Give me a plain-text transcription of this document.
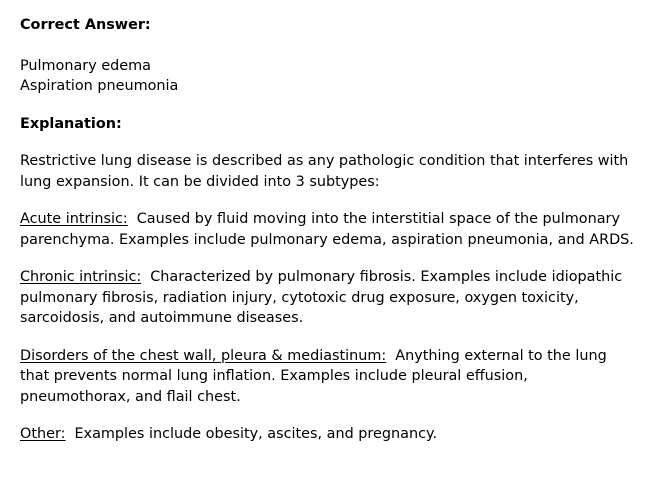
Correct Answer:

Pulmonary edema
Aspiration pneumonia

Explanation:

Restrictive lung disease is described as any pathologic condition that interferes with lung expansion. It can be divided into 3 subtypes:

Acute intrinsic: Caused by fluid moving into the interstitial space of the pulmonary parenchyma. Examples include pulmonary edema, aspiration pneumonia, and ARDS.

Chronic intrinsic: Characterized by pulmonary fibrosis. Examples include idiopathic pulmonary fibrosis, radiation injury, cytotoxic drug exposure, oxygen toxicity, sarcoidosis, and autoimmune diseases.

Disorders of the chest wall, pleura & mediastinum: Anything external to the lung that prevents normal lung inflation. Examples include pleural effusion, pneumothorax, and flail chest.

Other: Examples include obesity, ascites, and pregnancy.
